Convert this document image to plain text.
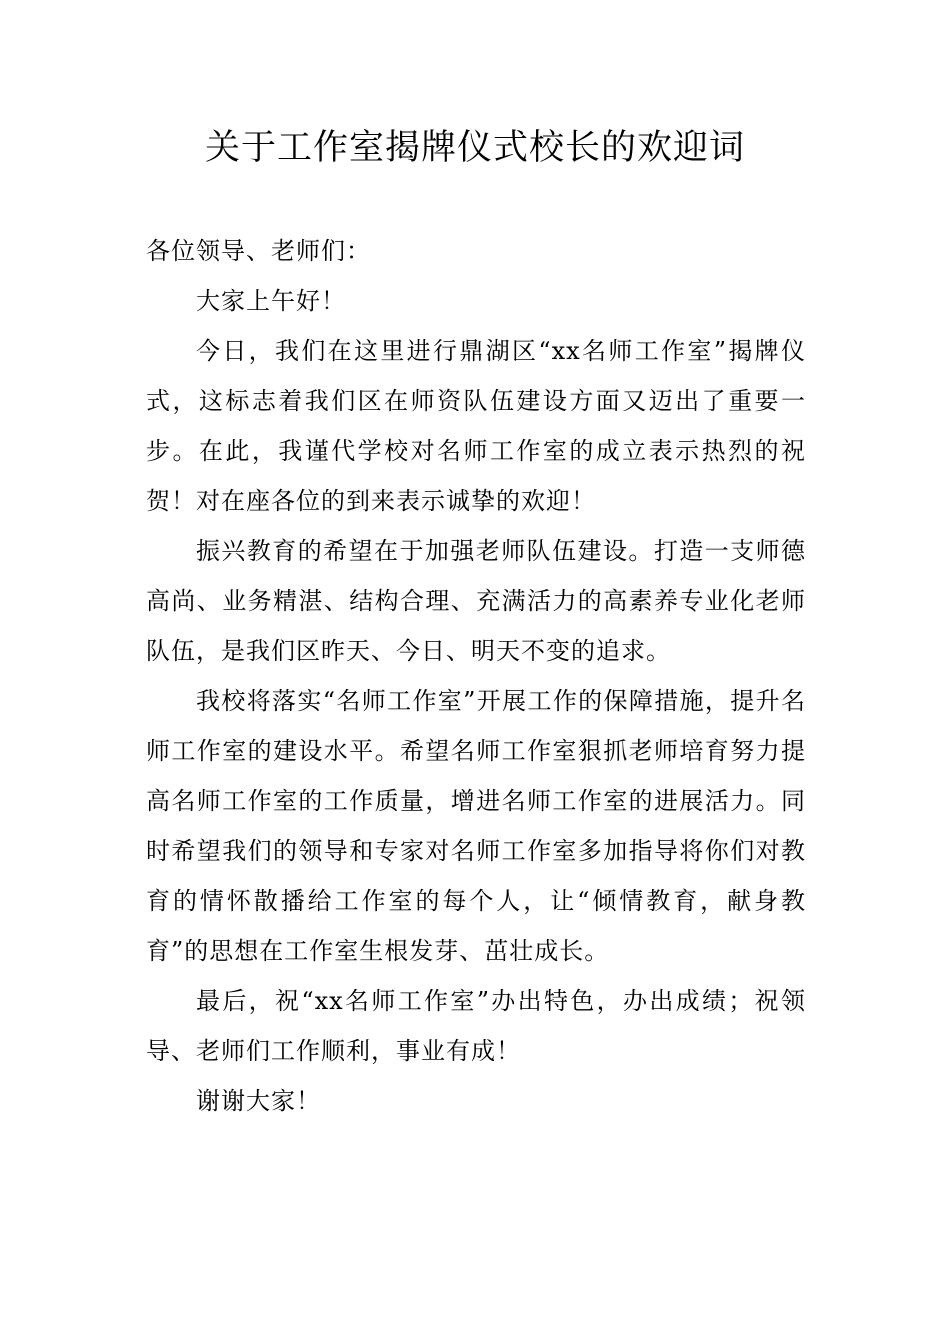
关于工作室揭牌仪式校长的欢迎词

各位领导、老师们：

大家上午好！

今日，我们在这里进行鼎湖区“xx名师工作室”揭牌仪式，这标志着我们区在师资队伍建设方面又迈出了重要一步。在此，我谨代学校对名师工作室的成立表示热烈的祝贺！对在座各位的到来表示诚挚的欢迎！

振兴教育的希望在于加强老师队伍建设。打造一支师德高尚、业务精湛、结构合理、充满活力的高素养专业化老师队伍，是我们区昨天、今日、明天不变的追求。

我校将落实“名师工作室”开展工作的保障措施，提升名师工作室的建设水平。希望名师工作室狠抓老师培育努力提高名师工作室的工作质量，增进名师工作室的进展活力。同时希望我们的领导和专家对名师工作室多加指导将你们对教育的情怀散播给工作室的每个人，让“倾情教育，献身教育”的思想在工作室生根发芽、茁壮成长。

最后，祝“xx名师工作室”办出特色，办出成绩；祝领导、老师们工作顺利，事业有成！

谢谢大家！
